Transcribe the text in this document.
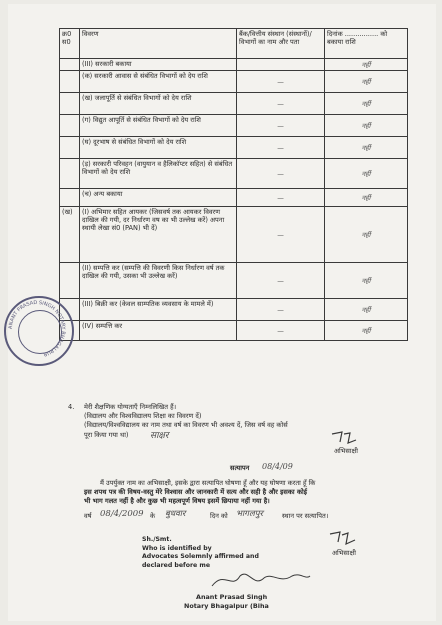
क्र0 स0	विवरण	बैंक/वित्तीय संस्थान (संस्थानों)/ विभागों का नाम और पता	दिनांक ................ को बकाया राशि
	(III) सरकारी बकाया		नहीं
	(क) सरकारी आवास से संबंधित विभागों को देय राशि	—	नहीं
	(ख) जलापूर्ति से संबंधित विभागों को देय राशि	—	नहीं
	(ग) विद्युत आपूर्ति से संबंधित विभागों को देय राशि	—	नहीं
	(घ) दूरभाष से संबंधित विभागों को देय राशि	—	नहीं
	(ड़) सरकारी परिवहन (वायुयान व हैलिकॉप्टर सहित) से संबंधित विभागों को देय राशि	—	नहीं
	(च) अन्य बकाया	—	नहीं
(ख)	(I) अभिमार सहित आयकर (जिसवर्ष तक आयकर विवरण दाखिल की गयी, दर निर्धारण वष का भी उल्लेख करें) अपना स्थायी लेखा सं0 (PAN) भी दें)	—	नहीं
	(II) सम्पत्ति कर (सम्पत्ति की विवरणी किस निर्धारण वर्ष तक दाखिल की गयी, उसका भी उल्लेख करें)	—	नहीं
	(III) बिक्री कर (केवल साम्पतिक व्यवसाय के मामले में)	—	नहीं
	(IV) सम्पत्ति कर	—	नहीं
ANANT PRASAD SINGH NOTARY BHAGALPUR
4. मेरी शैक्षणिक योग्यताएँ निम्नलिखित हैं।
(विद्यालय और विश्वविद्यालय शिक्षा का विवरण दें)
(विद्यालय/विश्वविद्यालय का नाम तथा वर्ष का विवरण भी अवश्य दें, जिस वर्ष वह कोर्स
पूरा किया गया था) साक्षर
अभिसाक्षी
सत्यापन 08/4/09
मैं उपर्युक्त नाम का अभिसाक्षी, इसके द्वारा सत्यापित घोषणा हूँ और यह घोषणा करता हूँ कि
इस शपथ पत्र की विषय-वस्तु मेरे विश्वास और जानकारी में सत्य और सही है और इसका कोई
भी भाग गलत नहीं है और कुछ भी महत्वपूर्ण विषय इसमें छिपाया नहीं गया है।
वर्ष 08/4/2009 के बुधवार	दिन को भागलपुर	स्थान पर सत्यापित।
Sh./Smt.
Who is identified by
Advocates Solemnly affirmed and
declared before me
अभिसाक्षी
Anant Prasad Singh
Notary Bhagalpur (Biha
